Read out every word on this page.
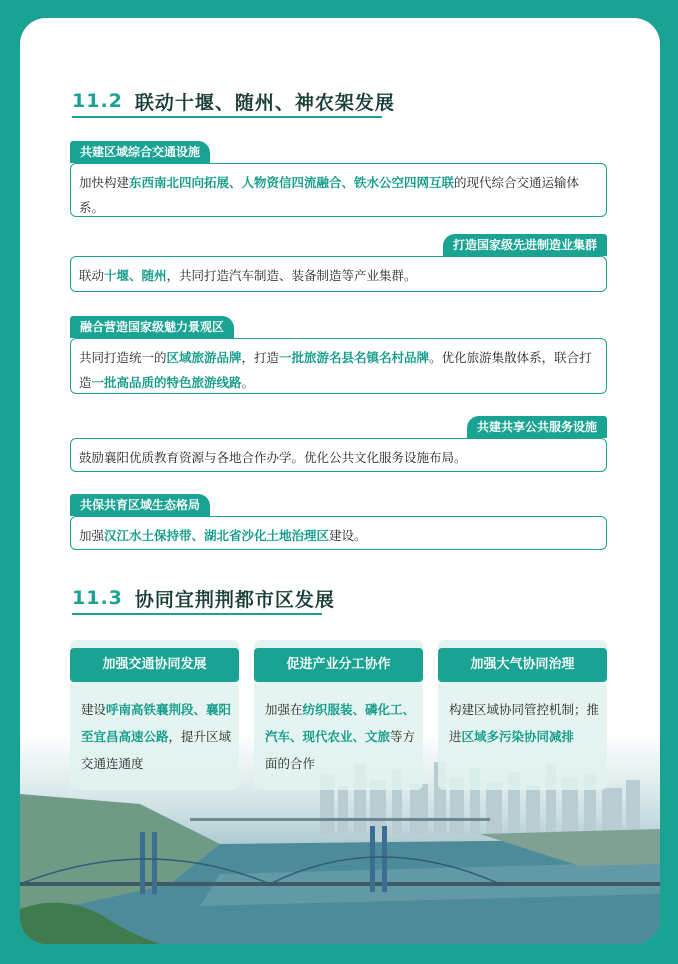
11.2 联动十堰、随州、神农架发展
共建区域综合交通设施

加快构建东西南北四向拓展、人物资信四流融合、铁水公空四网互联的现代综合交通运输体系。

打造国家级先进制造业集群

联动十堰、随州，共同打造汽车制造、装备制造等产业集群。

融合营造国家级魅力景观区

共同打造统一的区域旅游品牌，打造一批旅游名县名镇名村品牌。优化旅游集散体系，联合打造一批高品质的特色旅游线路。

共建共享公共服务设施

鼓励襄阳优质教育资源与各地合作办学。优化公共文化服务设施布局。

共保共育区域生态格局

加强汉江水土保持带、湖北省沙化土地治理区建设。

11.3 协同宜荆荆都市区发展
加强交通协同发展

建设呼南高铁襄荆段、襄阳至宜昌高速公路，提升区域交通连通度

促进产业分工协作

加强在纺织服装、磷化工、汽车、现代农业、文旅等方面的合作

加强大气协同治理

构建区域协同管控机制；推进区域多污染协同减排
